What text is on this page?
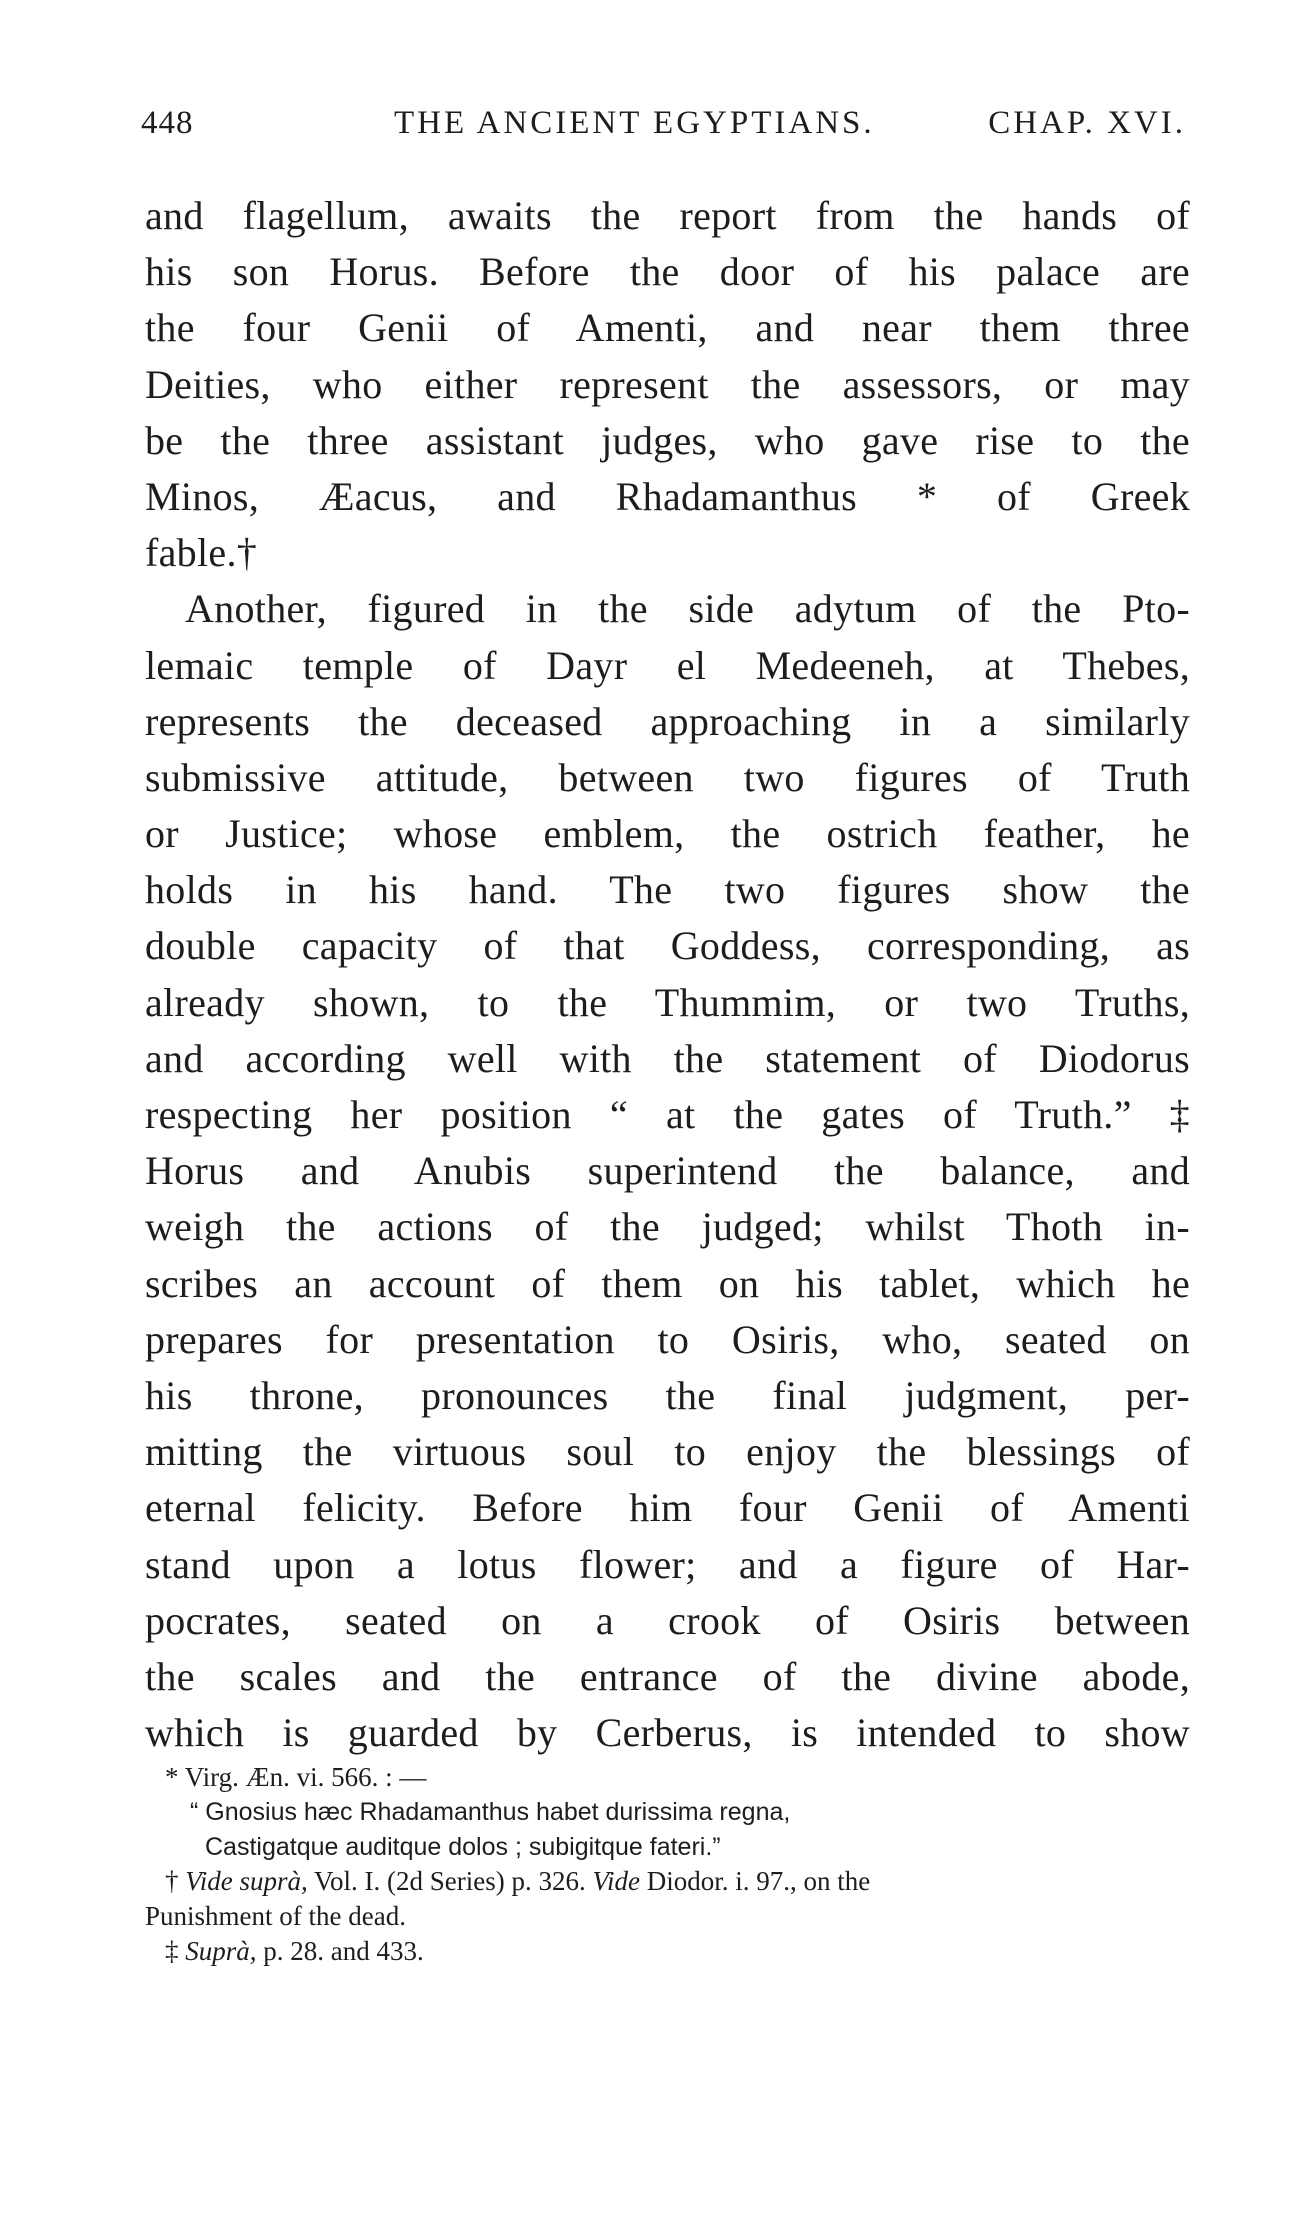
448	THE ANCIENT EGYPTIANS.	CHAP. XVI.
and flagellum, awaits the report from the hands of
his son Horus. Before the door of his palace are
the four Genii of Amenti, and near them three
Deities, who either represent the assessors, or may
be the three assistant judges, who gave rise to the
Minos, Æacus, and Rhadamanthus * of Greek
fable.†
Another, figured in the side adytum of the Pto-
lemaic temple of Dayr el Medeeneh, at Thebes,
represents the deceased approaching in a similarly
submissive attitude, between two figures of Truth
or Justice; whose emblem, the ostrich feather, he
holds in his hand. The two figures show the
double capacity of that Goddess, corresponding, as
already shown, to the Thummim, or two Truths,
and according well with the statement of Diodorus
respecting her position “ at the gates of Truth.” ‡
Horus and Anubis superintend the balance, and
weigh the actions of the judged; whilst Thoth in-
scribes an account of them on his tablet, which he
prepares for presentation to Osiris, who, seated on
his throne, pronounces the final judgment, per-
mitting the virtuous soul to enjoy the blessings of
eternal felicity. Before him four Genii of Amenti
stand upon a lotus flower; and a figure of Har-
pocrates, seated on a crook of Osiris between
the scales and the entrance of the divine abode,
which is guarded by Cerberus, is intended to show
* Virg. Æn. vi. 566. : —
“ Gnosius hæc Rhadamanthus habet durissima regna,
Castigatque auditque dolos ; subigitque fateri.”
† Vide suprà, Vol. I. (2d Series) p. 326. Vide Diodor. i. 97., on the
Punishment of the dead.
‡ Suprà, p. 28. and 433.
